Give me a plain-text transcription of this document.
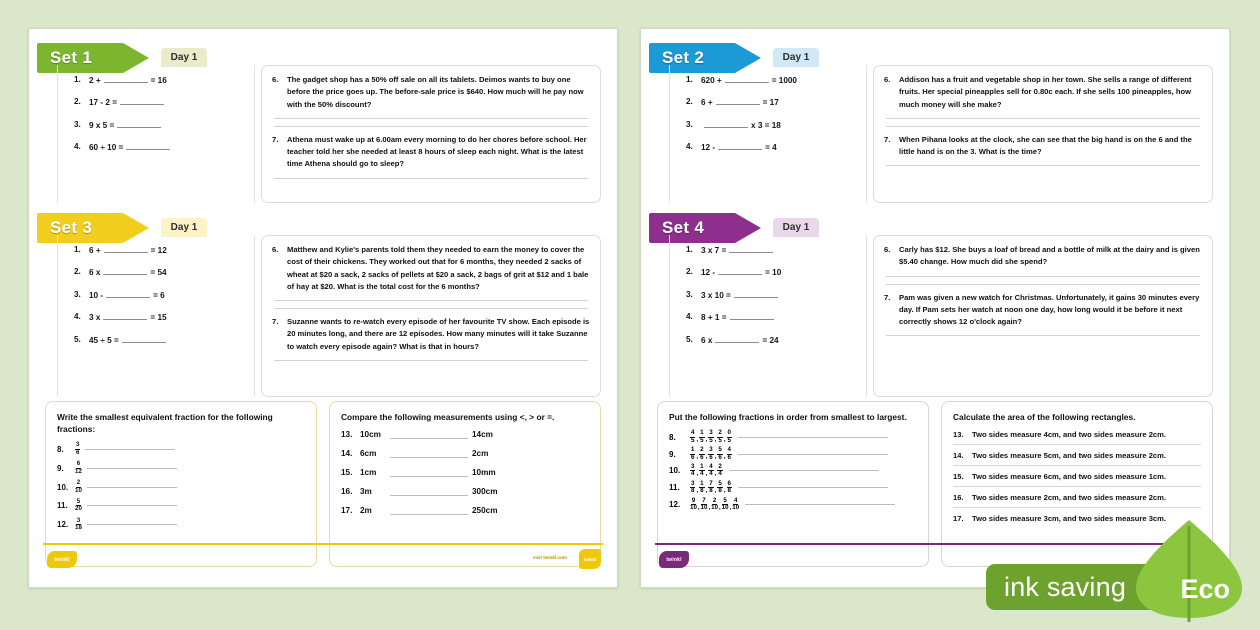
Set 1	Day 1
1. 2 +	= 16
2. 17 - 2 =
3. 9 x 5 =
4. 60 ÷ 10 =
6.	The gadget shop has a 50% off sale on all its tablets. Deimos wants to buy one before the price goes up. The before-sale price is $640. How much will he pay now with the 50% discount?
7.	Athena must wake up at 6.00am every morning to do her chores before school. Her teacher told her she needed at least 8 hours of sleep each night. What is the latest time Athena should go to sleep?
Set 3	Day 1
1. 6 +	= 12
2. 6 x	= 54
3. 10 -	= 6
4. 3 x	= 15
5. 45 ÷ 5 =
6.	Matthew and Kylie's parents told them they needed to earn the money to cover the cost of their chickens. They worked out that for 6 months, they needed 2 sacks of wheat at $20 a sack, 2 sacks of pellets at $20 a sack, 2 bags of grit at $12 and 1 bale of hay at $20. What is the total cost for the 6 months?
7.	Suzanne wants to re-watch every episode of her favourite TV show. Each episode is 20 minutes long, and there are 12 episodes. How many minutes will it take Suzanne to watch every episode again? What is that in hours?
Write the smallest equivalent fraction for the following fractions:
8.	$\frac{3}{6}$
9.	$\frac{6}{12}$
10.	$\frac{2}{10}$
11.	$\frac{5}{20}$
12.	$\frac{3}{18}$
Compare the following measurements using <, > or =.
13. 10cm	14cm
14. 6cm	2cm
15. 1cm	10mm
16. 3m	300cm
17. 2m	250cm
twinkl	visit twinkl.com	twinkl
Set 2	Day 1
1. 620 +	= 1000
2. 6 +	= 17
3.	x 3 = 18
4. 12 -	= 4
6.	Addison has a fruit and vegetable shop in her town. She sells a range of different fruits. Her special pineapples sell for 0.80c each. If she sells 100 pineapples, how much money will she make?
7.	When Pihana looks at the clock, she can see that the big hand is on the 6 and the little hand is on the 3. What is the time?
Set 4	Day 1
1. 3 x 7 =
2. 12 -	= 10
3. 3 x 10 =
4. 8 + 1 =
5. 6 x	= 24
6.	Carly has $12. She buys a loaf of bread and a bottle of milk at the dairy and is given $5.40 change. How much did she spend?
7.	Pam was given a new watch for Christmas. Unfortunately, it gains 30 minutes every day. If Pam sets her watch at noon one day, how long would it be before it next correctly shows 12 o'clock again?
Put the following fractions in order from smallest to largest.
8.	$\frac{4}{5}$ , $\frac{1}{5}$ , $\frac{3}{5}$ , $\frac{2}{5}$ , $\frac{0}{5}$
9.	$\frac{1}{6}$ , $\frac{2}{6}$ , $\frac{3}{6}$ , $\frac{5}{6}$ , $\frac{4}{6}$
10.	$\frac{3}{4}$ , $\frac{1}{4}$ , $\frac{4}{4}$ , $\frac{2}{4}$
11.	$\frac{3}{8}$ , $\frac{1}{8}$ , $\frac{7}{8}$ , $\frac{5}{8}$ , $\frac{6}{8}$
12.	$\frac{9}{10}$ , $\frac{7}{10}$ , $\frac{2}{10}$ , $\frac{5}{10}$ , $\frac{4}{10}$
Calculate the area of the following rectangles.
13.	Two sides measure 4cm, and two sides measure 2cm.
14.	Two sides measure 5cm, and two sides measure 2cm.
15.	Two sides measure 6cm, and two sides measure 1cm.
16.	Two sides measure 2cm, and two sides measure 2cm.
17.	Two sides measure 3cm, and two sides measure 3cm.
twinkl
ink saving Eco
